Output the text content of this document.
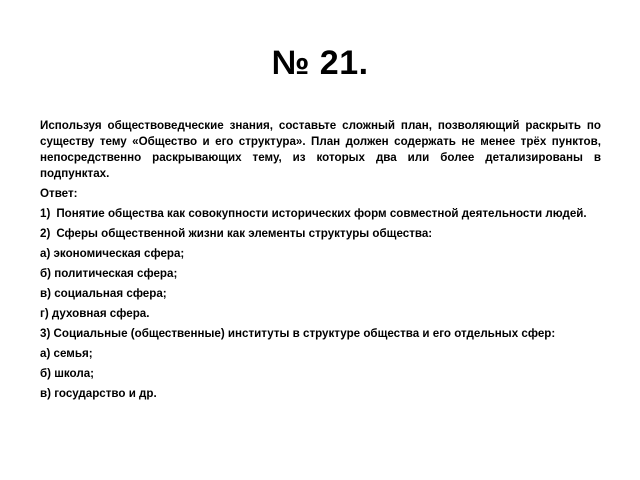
№ 21.

Используя обществоведческие знания, составьте сложный план, позволяющий раскрыть по существу тему «Общество и его структура». План должен содержать не менее трёх пунктов, непосредственно раскрывающих тему, из которых два или более детализированы в подпунктах.

Ответ:

1) Понятие общества как совокупности исторических форм совместной деятельности людей.
2) Сферы общественной жизни как элементы структуры общества:

а) экономическая сфера;

б) политическая сфера;

в) социальная сфера;

г) духовная сфера.

3) Социальные (общественные) институты в структуре общества и его отдельных сфер:

а) семья;

б) школа;

в) государство и др.
